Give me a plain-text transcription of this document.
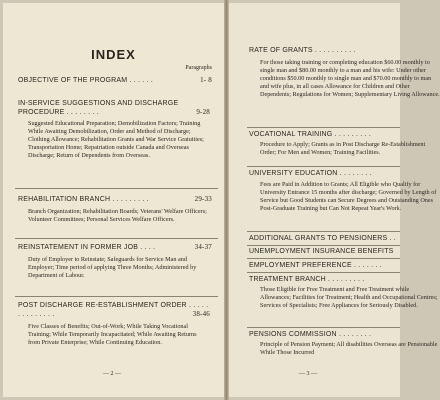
INDEX
Paragraphs
OBJECTIVE OF THE PROGRAM . . . . . .	1- 8
IN-SERVICE SUGGESTIONS AND DISCHARGE PROCEDURE . . . . . . . .	9-28
Suggested Educational Preparation; Demobilization Factors; Training While Awaiting Demobilization, Order and Method of Discharge; Clothing Allowance; Rehabilitation Grants and War Service Gratuities; Transportation Home; Repatriation outside Canada and Overseas Discharge; Return of Dependents from Overseas.
REHABILITATION BRANCH . . . . . . . . .	29-33
Branch Organization; Rehabilitation Boards; Veterans' Welfare Officers; Volunteer Committees; Personal Services Welfare Officers.
REINSTATEMENT IN FORMER JOB . . . .	34-37
Duty of Employer to Reinstate; Safeguards for Service Man and Employer; Time period of applying Three Months; Administered by Department of Labour.
POST DISCHARGE RE-ESTABLISHMENT ORDER . . . . . . . . . . . . . .	38-46
Five Classes of Benefits; Out-of-Work; While Taking Vocational Training; While Temporarily Incapacitated; While Awaiting Returns from Private Enterprise; While Continuing Education.
— 2 —
RATE OF GRANTS . . . . . . . . . .
For those taking training or completing education $60.00 monthly to single man and $80.00 monthly to a man and his wife: Under other conditions $50.00 monthly to single man and $70.00 monthly to man and wife plus, in all cases Allowance for Children and Other Dependents; Regulations for Women; Supplementary Living Allowance.
VOCATIONAL TRAINING . . . . . . . . .
Procedure to Apply; Grants as in Post Discharge Re-Establishment Order; For Men and Women; Training Facilities.
UNIVERSITY EDUCATION . . . . . . . .
Fees are Paid in Addition to Grants; All Eligible who Qualify for University Entrance 15 months after discharge; Governed by Length of Service but Good Students can Secure Degrees and Outstanding Ones Post-Graduate Training but Can Not Repeat Year's Work.
ADDITIONAL GRANTS TO PENSIONERS . .
UNEMPLOYMENT INSURANCE BENEFITS
EMPLOYMENT PREFERENCE . . . . . . .
TREATMENT BRANCH . . . . . . . . .
Those Eligible for Free Treatment and Free Treatment while Allowances; Facilities for Treatment; Health and Occupational Centres; Services of Specialists; Free Appliances for Seriously Disabled.
PENSIONS COMMISSION . . . . . . . .
Principle of Pension Payment; All disabilities Overseas are Pensionable While Those Incurred
— 3 —
